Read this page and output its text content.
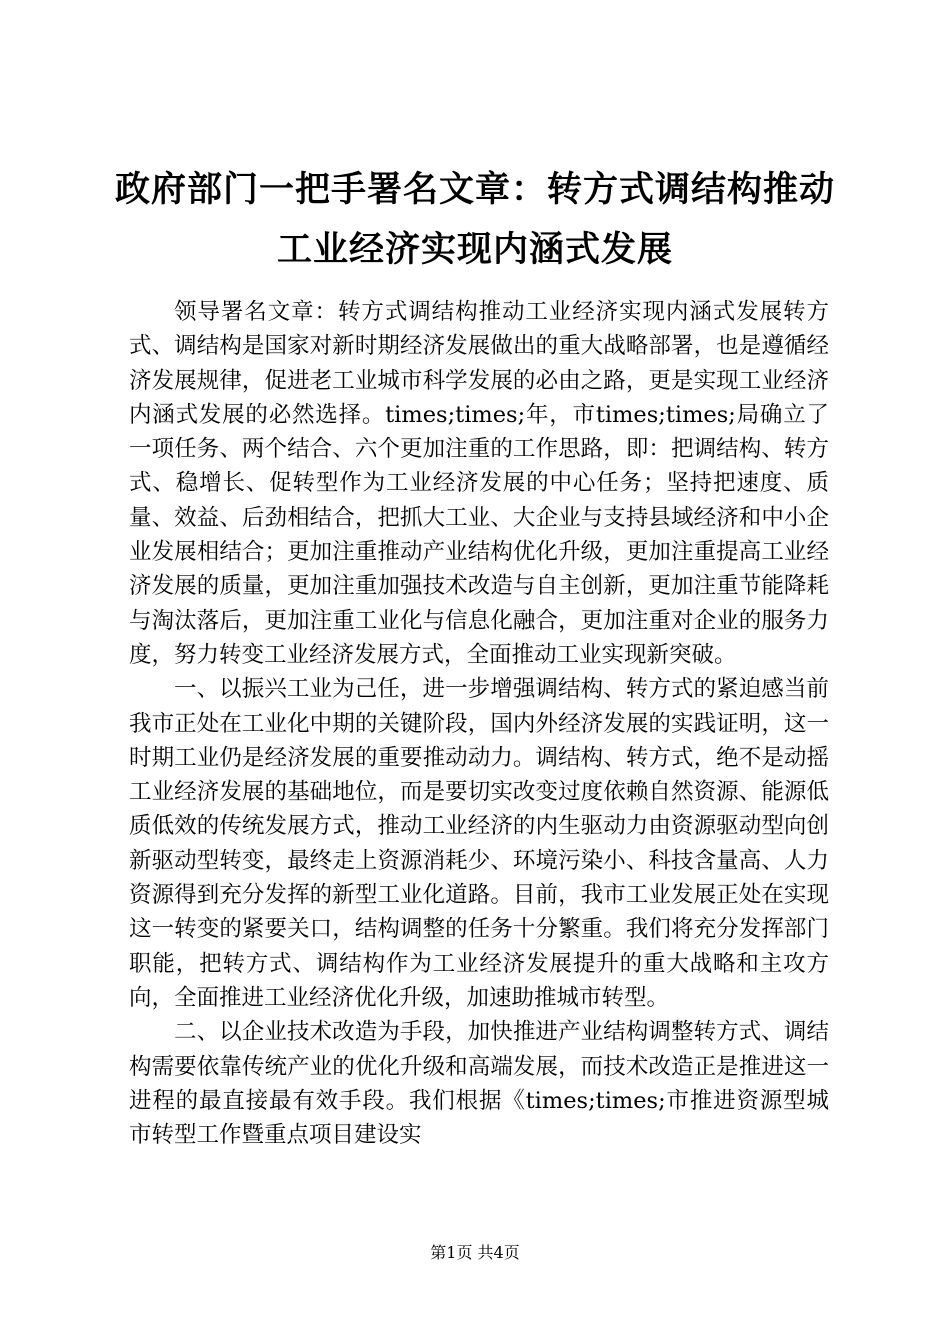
政府部门一把手署名文章：转方式调结构推动
工业经济实现内涵式发展

领导署名文章：转方式调结构推动工业经济实现内涵式发展转方式、调结构是国家对新时期经济发展做出的重大战略部署，也是遵循经济发展规律，促进老工业城市科学发展的必由之路，更是实现工业经济内涵式发展的必然选择。times;times;年，市times;times;局确立了一项任务、两个结合、六个更加注重的工作思路，即：把调结构、转方式、稳增长、促转型作为工业经济发展的中心任务；坚持把速度、质量、效益、后劲相结合，把抓大工业、大企业与支持县域经济和中小企业发展相结合；更加注重推动产业结构优化升级，更加注重提高工业经济发展的质量，更加注重加强技术改造与自主创新，更加注重节能降耗与淘汰落后，更加注重工业化与信息化融合，更加注重对企业的服务力度，努力转变工业经济发展方式，全面推动工业实现新突破。

一、以振兴工业为己任，进一步增强调结构、转方式的紧迫感当前我市正处在工业化中期的关键阶段，国内外经济发展的实践证明，这一时期工业仍是经济发展的重要推动动力。调结构、转方式，绝不是动摇工业经济发展的基础地位，而是要切实改变过度依赖自然资源、能源低质低效的传统发展方式，推动工业经济的内生驱动力由资源驱动型向创新驱动型转变，最终走上资源消耗少、环境污染小、科技含量高、人力资源得到充分发挥的新型工业化道路。目前，我市工业发展正处在实现这一转变的紧要关口，结构调整的任务十分繁重。我们将充分发挥部门职能，把转方式、调结构作为工业经济发展提升的重大战略和主攻方向，全面推进工业经济优化升级，加速助推城市转型。

二、以企业技术改造为手段，加快推进产业结构调整转方式、调结构需要依靠传统产业的优化升级和高端发展，而技术改造正是推进这一进程的最直接最有效手段。我们根据《times;times;市推进资源型城市转型工作暨重点项目建设实

第1页 共4页
